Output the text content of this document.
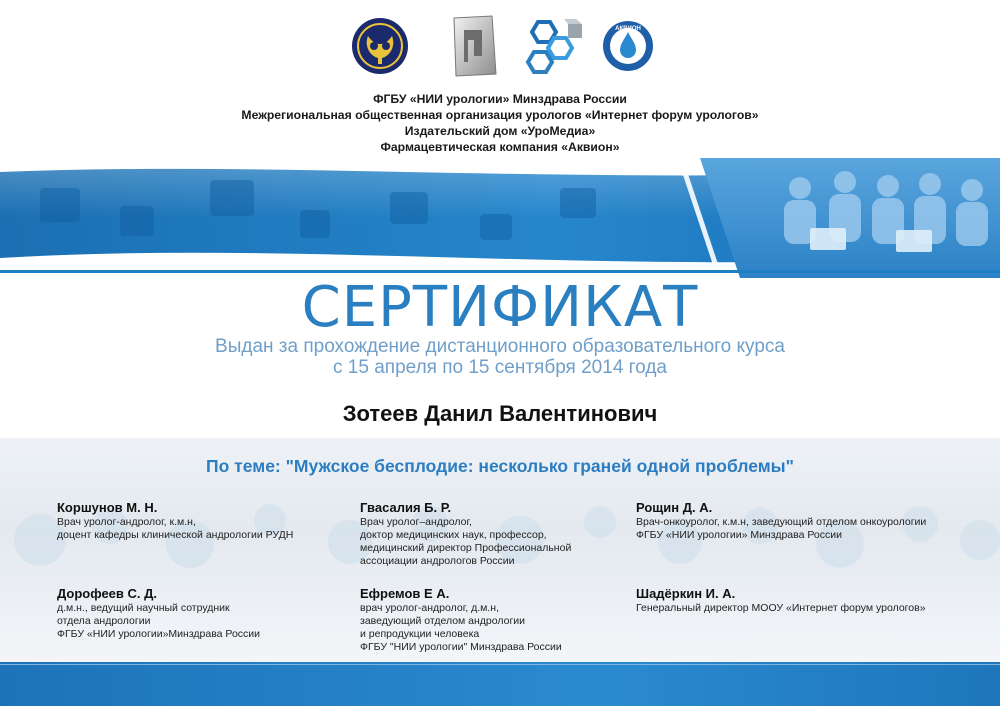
АКВИОН
ФГБУ «НИИ урологии» Минздрава России
Межрегиональная общественная организация урологов «Интернет форум урологов»
Издательский дом «УроМедиа»
Фармацевтическая компания «Аквион»
СЕРТИФИКАТ
Выдан за прохождение дистанционного образовательного курса
с 15 апреля по 15 сентября 2014 года
Зотеев Данил Валентинович
По теме: "Мужское бесплодие: несколько граней одной проблемы"
Коршунов М. Н.
Врач уролог-андролог, к.м.н,
доцент кафедры клинической андрологии РУДН
Гвасалия Б. Р.
Врач уролог–андролог,
доктор медицинских наук, профессор,
медицинский директор Профессиональной
ассоциации андрологов России
Рощин Д. А.
Врач-онкоуролог, к.м.н, заведующий отделом онкоурологии
ФГБУ «НИИ урологии» Минздрава России
Дорофеев С. Д.
д.м.н., ведущий научный сотрудник
отдела андрологии
ФГБУ «НИИ урологии»Минздрава России
Ефремов Е А.
врач уролог-андролог, д.м.н,
заведующий отделом андрологии
и репродукции человека
ФГБУ "НИИ урологии" Минздрава России
Шадёркин И. А.
Генеральный директор МООУ «Интернет форум урологов»
